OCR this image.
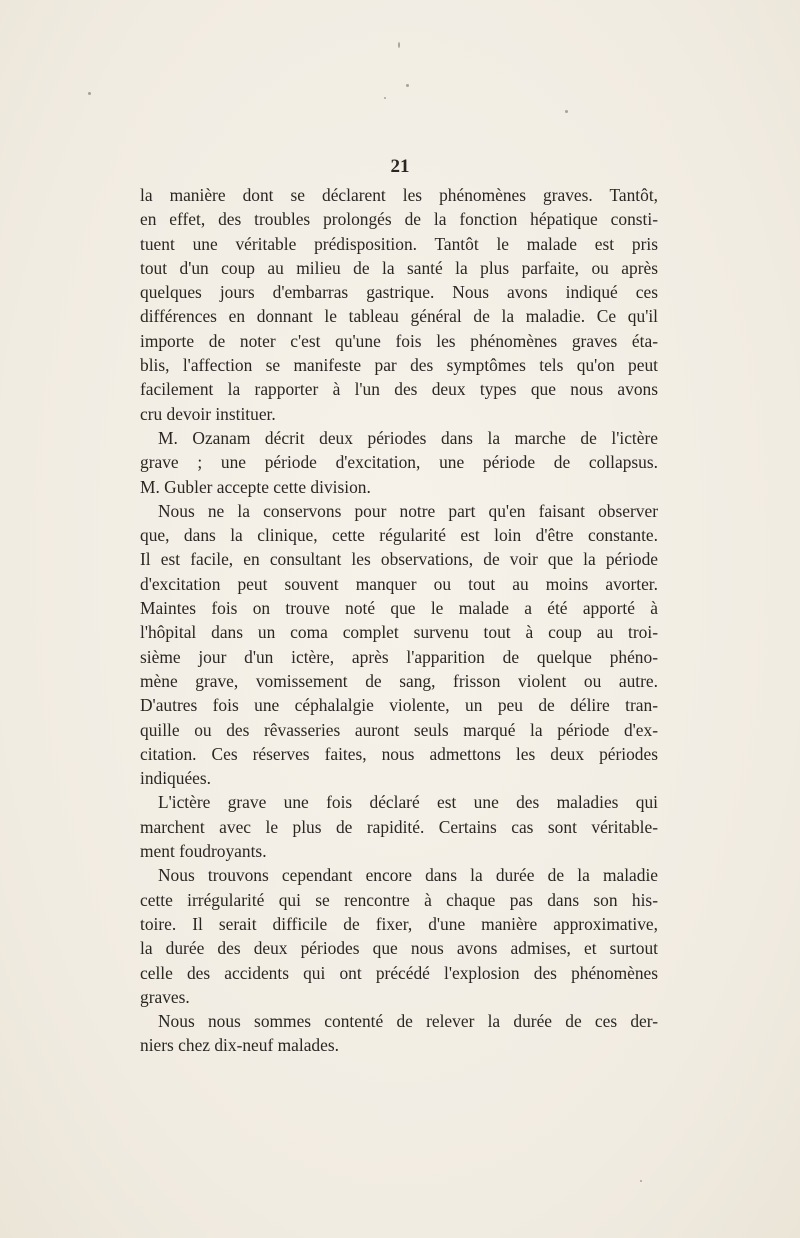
21
la manière dont se déclarent les phénomènes graves. Tantôt,
en effet, des troubles prolongés de la fonction hépatique consti-
tuent une véritable prédisposition. Tantôt le malade est pris
tout d'un coup au milieu de la santé la plus parfaite, ou après
quelques jours d'embarras gastrique. Nous avons indiqué ces
différences en donnant le tableau général de la maladie. Ce qu'il
importe de noter c'est qu'une fois les phénomènes graves éta-
blis, l'affection se manifeste par des symptômes tels qu'on peut
facilement la rapporter à l'un des deux types que nous avons
cru devoir instituer.
M. Ozanam décrit deux périodes dans la marche de l'ictère
grave ; une période d'excitation, une période de collapsus.
M. Gubler accepte cette division.
Nous ne la conservons pour notre part qu'en faisant observer
que, dans la clinique, cette régularité est loin d'être constante.
Il est facile, en consultant les observations, de voir que la période
d'excitation peut souvent manquer ou tout au moins avorter.
Maintes fois on trouve noté que le malade a été apporté à
l'hôpital dans un coma complet survenu tout à coup au troi-
sième jour d'un ictère, après l'apparition de quelque phéno-
mène grave, vomissement de sang, frisson violent ou autre.
D'autres fois une céphalalgie violente, un peu de délire tran-
quille ou des rêvasseries auront seuls marqué la période d'ex-
citation. Ces réserves faites, nous admettons les deux périodes
indiquées.
L'ictère grave une fois déclaré est une des maladies qui
marchent avec le plus de rapidité. Certains cas sont véritable-
ment foudroyants.
Nous trouvons cependant encore dans la durée de la maladie
cette irrégularité qui se rencontre à chaque pas dans son his-
toire. Il serait difficile de fixer, d'une manière approximative,
la durée des deux périodes que nous avons admises, et surtout
celle des accidents qui ont précédé l'explosion des phénomènes
graves.
Nous nous sommes contenté de relever la durée de ces der-
niers chez dix-neuf malades.
